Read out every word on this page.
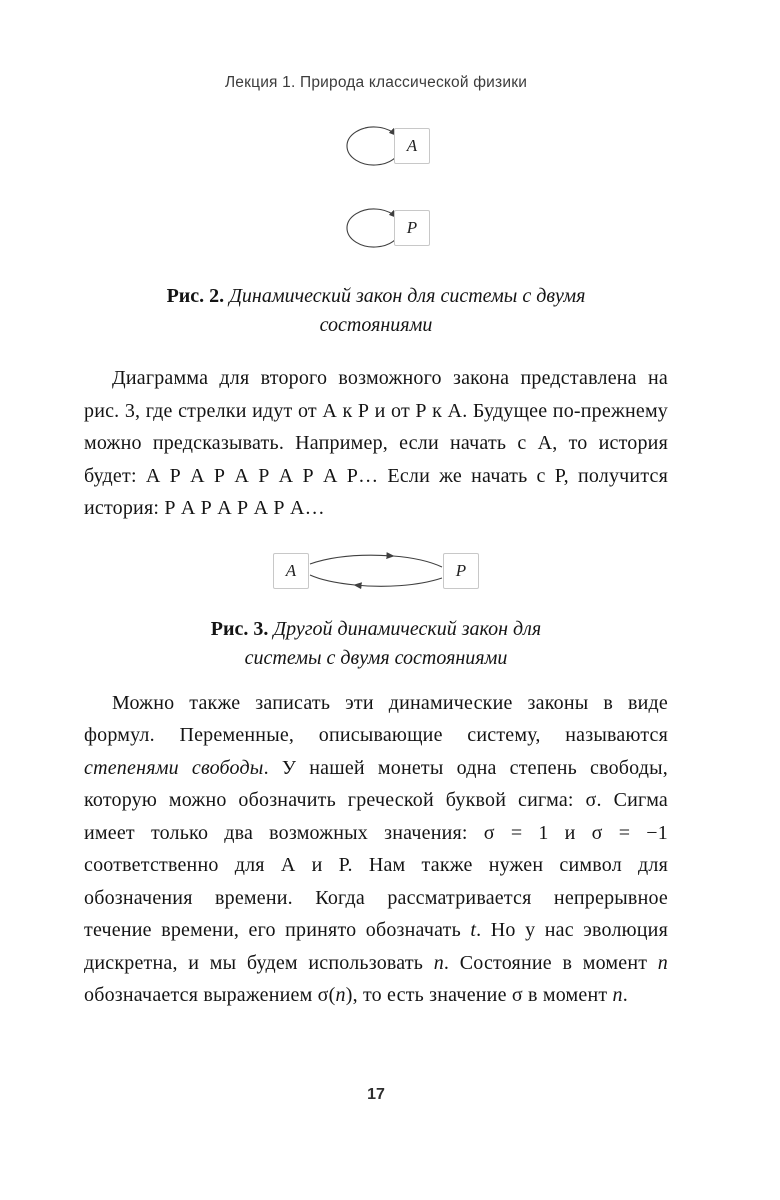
Лекция 1. Природа классической физики
А
Р
Рис. 2. Динамический закон для системы с двумя состояниями

Диаграмма для второго возможного закона представлена на рис. 3, где стрелки идут от А к Р и от Р к А. Будущее по-прежнему можно предсказывать. Например, если начать с А, то история будет: А Р А Р А Р А Р А Р… Если же начать с Р, получится история: Р А Р А Р А Р А…

А	Р
Рис. 3. Другой динамический закон для системы с двумя состояниями

Можно также записать эти динамические законы в виде формул. Переменные, описывающие систему, называются степенями свободы. У нашей монеты одна степень свободы, которую можно обозначить греческой буквой сигма: σ. Сигма имеет только два возможных значения: σ = 1 и σ = −1 соответственно для А и Р. Нам также нужен символ для обозначения времени. Когда рассматривается непрерывное течение времени, его принято обозначать t. Но у нас эволюция дискретна, и мы будем использовать n. Состояние в момент n обозначается выражением σ(n), то есть значение σ в момент n.

17
